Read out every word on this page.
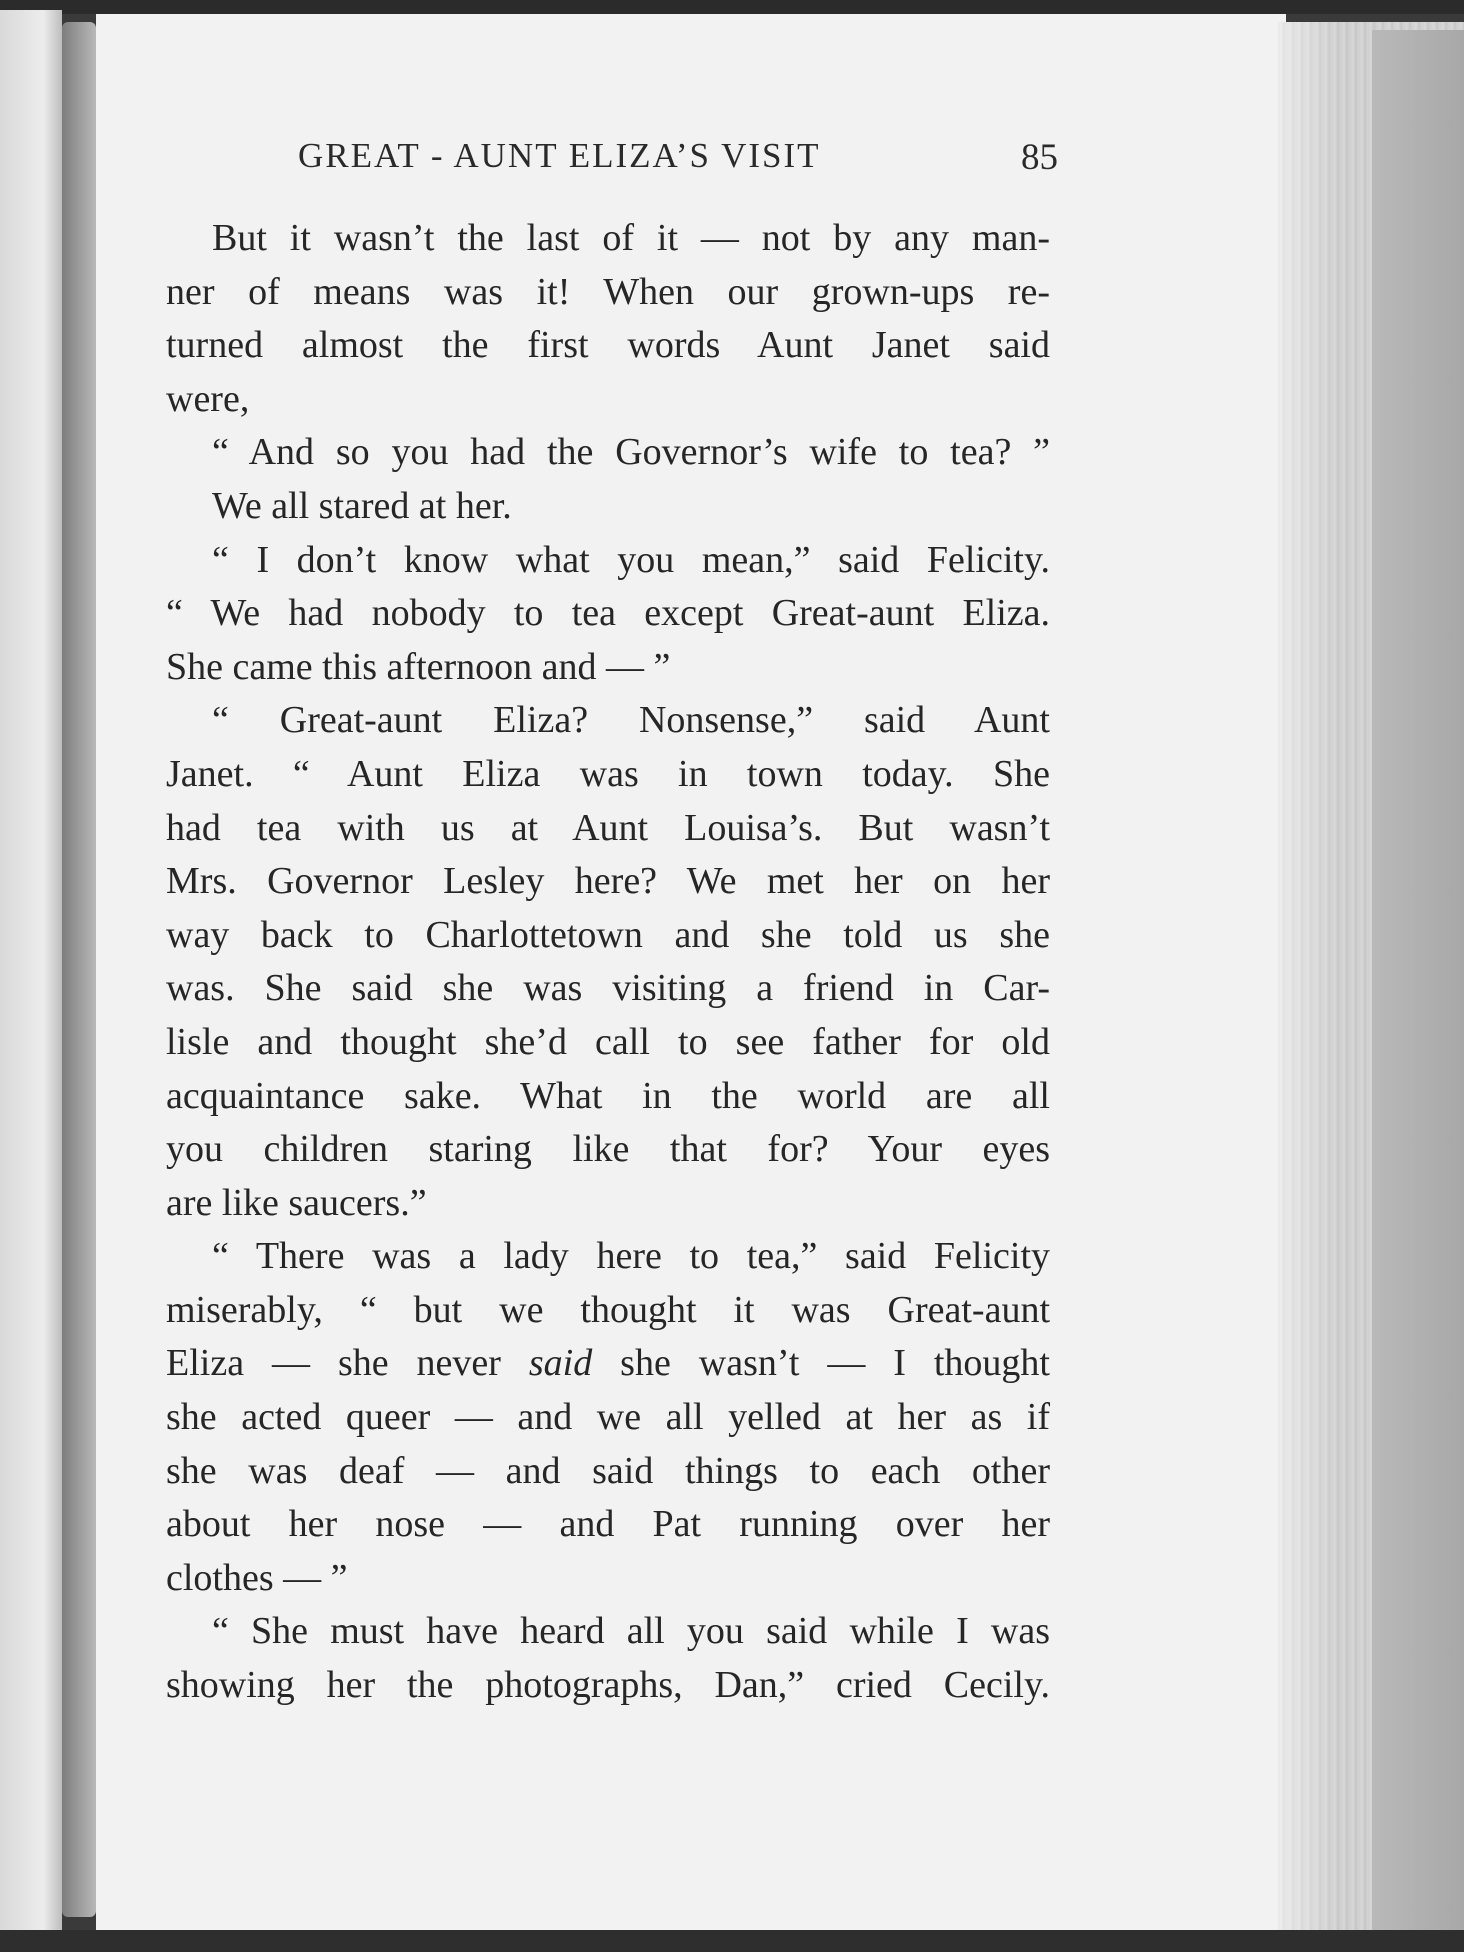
GREAT - AUNT ELIZA’S VISIT	85
But it wasn’t the last of it — not by any man-
ner of means was it! When our grown-ups re-
turned almost the first words Aunt Janet said
were,
“ And so you had the Governor’s wife to tea? ”
We all stared at her.
“ I don’t know what you mean,” said Felicity.
“ We had nobody to tea except Great-aunt Eliza.
She came this afternoon and — ”
“ Great-aunt Eliza? Nonsense,” said Aunt
Janet. “ Aunt Eliza was in town today. She
had tea with us at Aunt Louisa’s. But wasn’t
Mrs. Governor Lesley here? We met her on her
way back to Charlottetown and she told us she
was. She said she was visiting a friend in Car-
lisle and thought she’d call to see father for old
acquaintance sake. What in the world are all
you children staring like that for? Your eyes
are like saucers.”
“ There was a lady here to tea,” said Felicity
miserably, “ but we thought it was Great-aunt
Eliza — she never said she wasn’t — I thought
she acted queer — and we all yelled at her as if
she was deaf — and said things to each other
about her nose — and Pat running over her
clothes — ”
“ She must have heard all you said while I was
showing her the photographs, Dan,” cried Cecily.
